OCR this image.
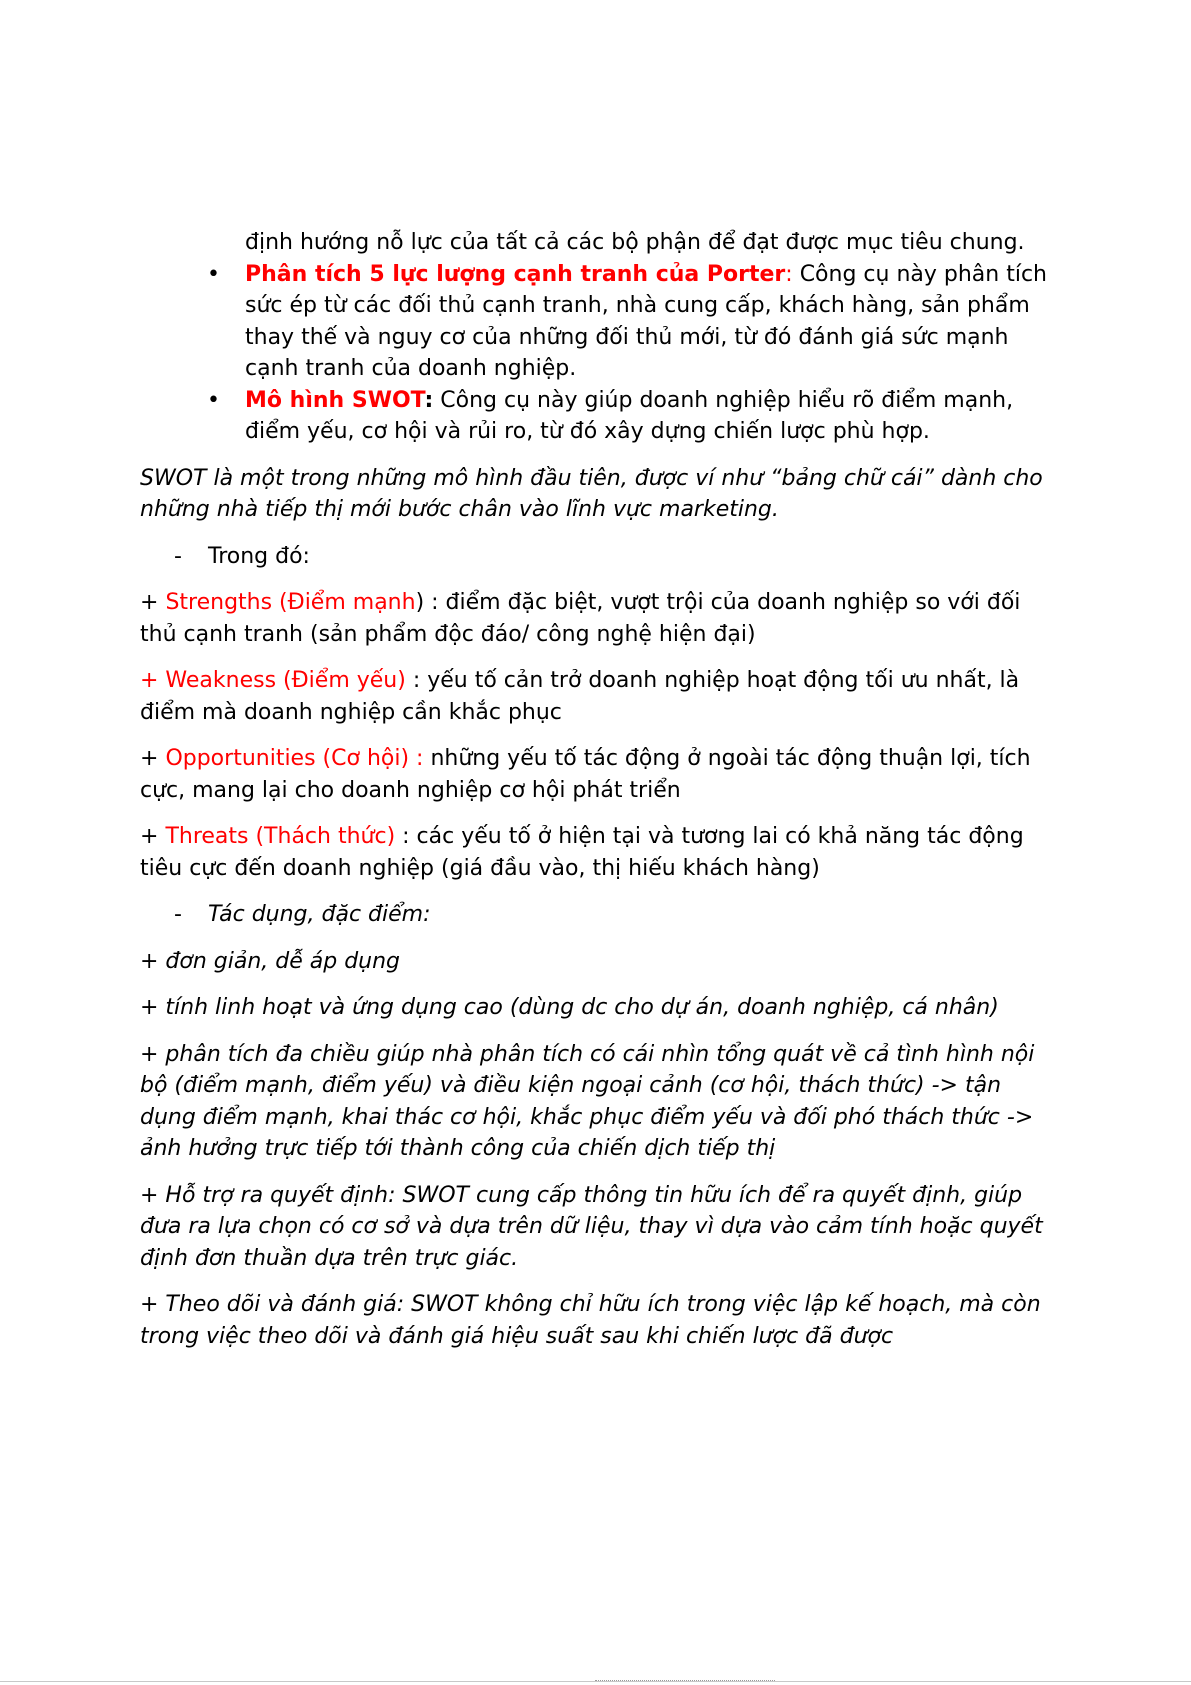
định hướng nỗ lực của tất cả các bộ phận để đạt được mục tiêu chung.
• Phân tích 5 lực lượng cạnh tranh của Porter: Công cụ này phân tích sức ép từ các đối thủ cạnh tranh, nhà cung cấp, khách hàng, sản phẩm thay thế và nguy cơ của những đối thủ mới, từ đó đánh giá sức mạnh cạnh tranh của doanh nghiệp.
• Mô hình SWOT: Công cụ này giúp doanh nghiệp hiểu rõ điểm mạnh, điểm yếu, cơ hội và rủi ro, từ đó xây dựng chiến lược phù hợp.
SWOT là một trong những mô hình đầu tiên, được ví như “bảng chữ cái” dành cho những nhà tiếp thị mới bước chân vào lĩnh vực marketing.
- Trong đó:
+ Strengths (Điểm mạnh) : điểm đặc biệt, vượt trội của doanh nghiệp so với đối thủ cạnh tranh (sản phẩm độc đáo/ công nghệ hiện đại)
+ Weakness (Điểm yếu) : yếu tố cản trở doanh nghiệp hoạt động tối ưu nhất, là điểm mà doanh nghiệp cần khắc phục
+ Opportunities (Cơ hội) : những yếu tố tác động ở ngoài tác động thuận lợi, tích cực, mang lại cho doanh nghiệp cơ hội phát triển
+ Threats (Thách thức) : các yếu tố ở hiện tại và tương lai có khả năng tác động tiêu cực đến doanh nghiệp (giá đầu vào, thị hiếu khách hàng)
- Tác dụng, đặc điểm:
+ đơn giản, dễ áp dụng
+ tính linh hoạt và ứng dụng cao (dùng dc cho dự án, doanh nghiệp, cá nhân)
+ phân tích đa chiều giúp nhà phân tích có cái nhìn tổng quát về cả tình hình nội bộ (điểm mạnh, điểm yếu) và điều kiện ngoại cảnh (cơ hội, thách thức) -> tận dụng điểm mạnh, khai thác cơ hội, khắc phục điểm yếu và đối phó thách thức -> ảnh hưởng trực tiếp tới thành công của chiến dịch tiếp thị
+ Hỗ trợ ra quyết định: SWOT cung cấp thông tin hữu ích để ra quyết định, giúp đưa ra lựa chọn có cơ sở và dựa trên dữ liệu, thay vì dựa vào cảm tính hoặc quyết định đơn thuần dựa trên trực giác.
+ Theo dõi và đánh giá: SWOT không chỉ hữu ích trong việc lập kế hoạch, mà còn trong việc theo dõi và đánh giá hiệu suất sau khi chiến lược đã được
